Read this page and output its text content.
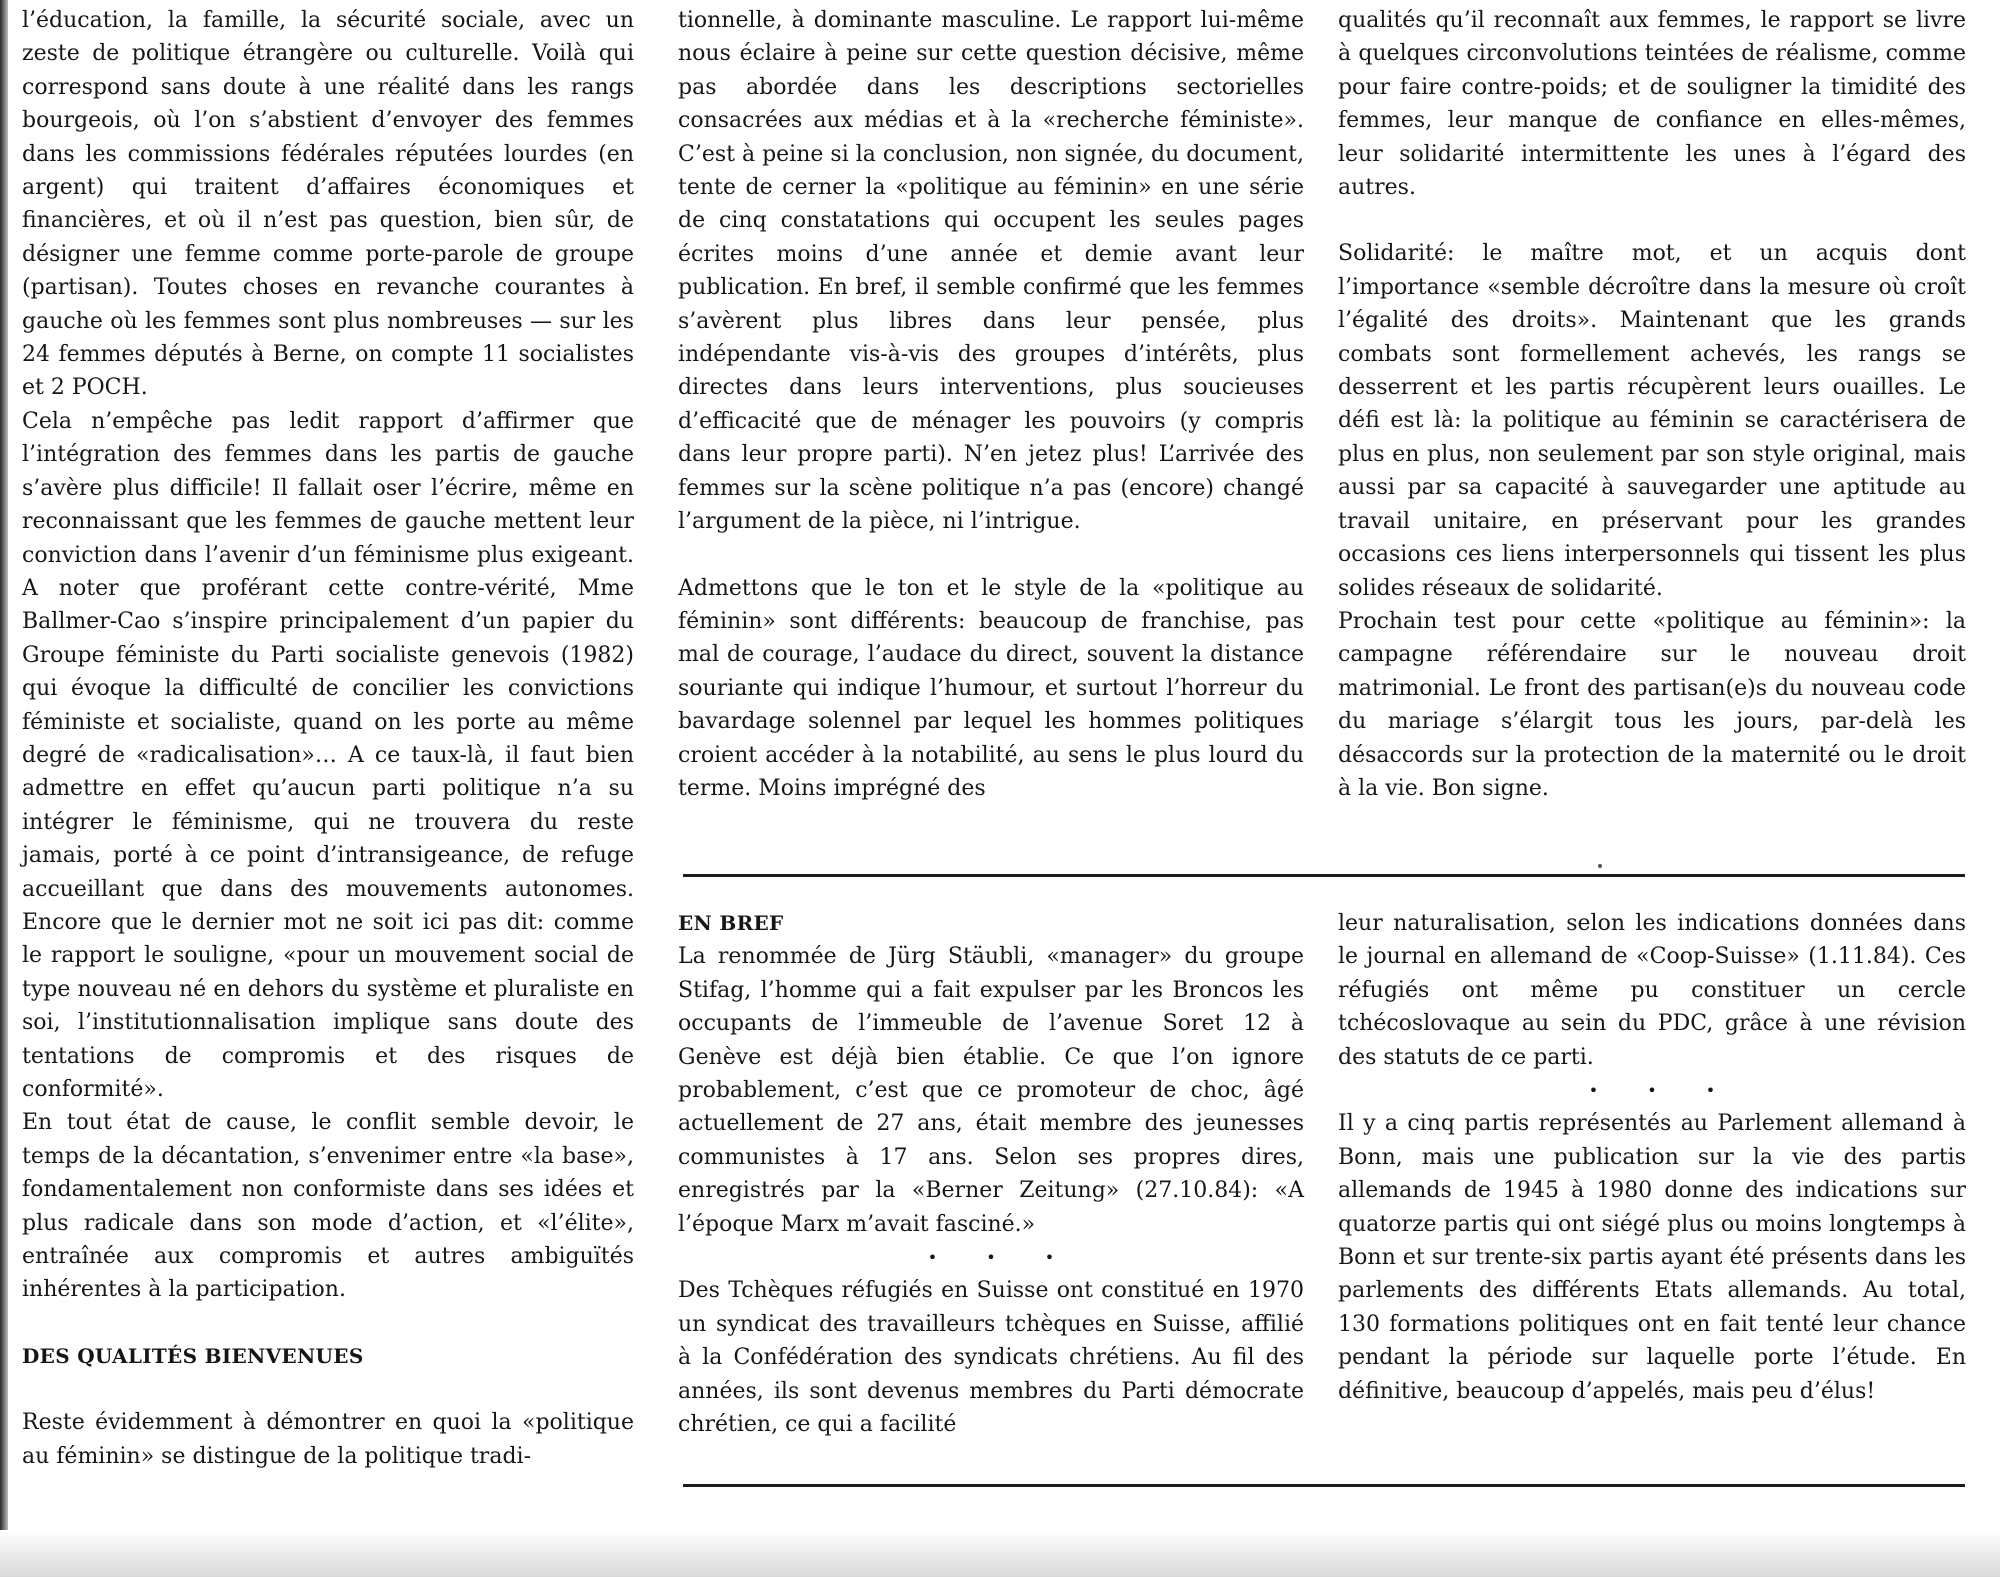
l’éducation, la famille, la sécurité sociale, avec un zeste de politique étrangère ou culturelle. Voilà qui correspond sans doute à une réalité dans les rangs bourgeois, où l’on s’abstient d’envoyer des femmes dans les commissions fédérales réputées lourdes (en argent) qui traitent d’affaires économiques et financières, et où il n’est pas question, bien sûr, de désigner une femme comme porte-parole de groupe (partisan). Toutes choses en revanche courantes à gauche où les femmes sont plus nombreuses — sur les 24 femmes députés à Berne, on compte 11 socialistes et 2 POCH.

Cela n’empêche pas ledit rapport d’affirmer que l’intégration des femmes dans les partis de gauche s’avère plus difficile! Il fallait oser l’écrire, même en reconnaissant que les femmes de gauche mettent leur conviction dans l’avenir d’un féminisme plus exigeant. A noter que proférant cette contre-vérité, Mme Ballmer-Cao s’inspire principalement d’un papier du Groupe féministe du Parti socialiste genevois (1982) qui évoque la difficulté de concilier les convictions féministe et socialiste, quand on les porte au même degré de «radicalisation»… A ce taux-là, il faut bien admettre en effet qu’aucun parti politique n’a su intégrer le féminisme, qui ne trouvera du reste jamais, porté à ce point d’intransigeance, de refuge accueillant que dans des mouvements autonomes. Encore que le dernier mot ne soit ici pas dit: comme le rapport le souligne, «pour un mouvement social de type nouveau né en dehors du système et pluraliste en soi, l’institutionnalisation implique sans doute des tentations de compromis et des risques de conformité».

En tout état de cause, le conflit semble devoir, le temps de la décantation, s’envenimer entre «la base», fondamentalement non conformiste dans ses idées et plus radicale dans son mode d’action, et «l’élite», entraînée aux compromis et autres ambiguïtés inhérentes à la participation.

DES QUALITÉS BIENVENUES

Reste évidemment à démontrer en quoi la «politique au féminin» se distingue de la politique tradi-

tionnelle, à dominante masculine. Le rapport lui-même nous éclaire à peine sur cette question décisive, même pas abordée dans les descriptions sectorielles consacrées aux médias et à la «recherche féministe». C’est à peine si la conclusion, non signée, du document, tente de cerner la «politique au féminin» en une série de cinq constatations qui occupent les seules pages écrites moins d’une année et demie avant leur publication. En bref, il semble confirmé que les femmes s’avèrent plus libres dans leur pensée, plus indépendante vis-à-vis des groupes d’intérêts, plus directes dans leurs interventions, plus soucieuses d’efficacité que de ménager les pouvoirs (y compris dans leur propre parti). N’en jetez plus! L’arrivée des femmes sur la scène politique n’a pas (encore) changé l’argument de la pièce, ni l’intrigue.

Admettons que le ton et le style de la «politique au féminin» sont différents: beaucoup de franchise, pas mal de courage, l’audace du direct, souvent la distance souriante qui indique l’humour, et surtout l’horreur du bavardage solennel par lequel les hommes politiques croient accéder à la notabilité, au sens le plus lourd du terme. Moins imprégné des

qualités qu’il reconnaît aux femmes, le rapport se livre à quelques circonvolutions teintées de réalisme, comme pour faire contre-poids; et de souligner la timidité des femmes, leur manque de confiance en elles-mêmes, leur solidarité intermittente les unes à l’égard des autres.

Solidarité: le maître mot, et un acquis dont l’importance «semble décroître dans la mesure où croît l’égalité des droits». Maintenant que les grands combats sont formellement achevés, les rangs se desserrent et les partis récupèrent leurs ouailles. Le défi est là: la politique au féminin se caractérisera de plus en plus, non seulement par son style original, mais aussi par sa capacité à sauvegarder une aptitude au travail unitaire, en préservant pour les grandes occasions ces liens interpersonnels qui tissent les plus solides réseaux de solidarité.

Prochain test pour cette «politique au féminin»: la campagne référendaire sur le nouveau droit matrimonial. Le front des partisan(e)s du nouveau code du mariage s’élargit tous les jours, par-delà les désaccords sur la protection de la maternité ou le droit à la vie. Bon signe.

EN BREF

La renommée de Jürg Stäubli, «manager» du groupe Stifag, l’homme qui a fait expulser par les Broncos les occupants de l’immeuble de l’avenue Soret 12 à Genève est déjà bien établie. Ce que l’on ignore probablement, c’est que ce promoteur de choc, âgé actuellement de 27 ans, était membre des jeunesses communistes à 17 ans. Selon ses propres dires, enregistrés par la «Berner Zeitung» (27.10.84): «A l’époque Marx m’avait fasciné.»

• • •

Des Tchèques réfugiés en Suisse ont constitué en 1970 un syndicat des travailleurs tchèques en Suisse, affilié à la Confédération des syndicats chrétiens. Au fil des années, ils sont devenus membres du Parti démocrate chrétien, ce qui a facilité

leur naturalisation, selon les indications données dans le journal en allemand de «Coop-Suisse» (1.11.84). Ces réfugiés ont même pu constituer un cercle tchécoslovaque au sein du PDC, grâce à une révision des statuts de ce parti.

• • •

Il y a cinq partis représentés au Parlement allemand à Bonn, mais une publication sur la vie des partis allemands de 1945 à 1980 donne des indications sur quatorze partis qui ont siégé plus ou moins longtemps à Bonn et sur trente-six partis ayant été présents dans les parlements des différents Etats allemands. Au total, 130 formations politiques ont en fait tenté leur chance pendant la période sur laquelle porte l’étude. En définitive, beaucoup d’appelés, mais peu d’élus!
